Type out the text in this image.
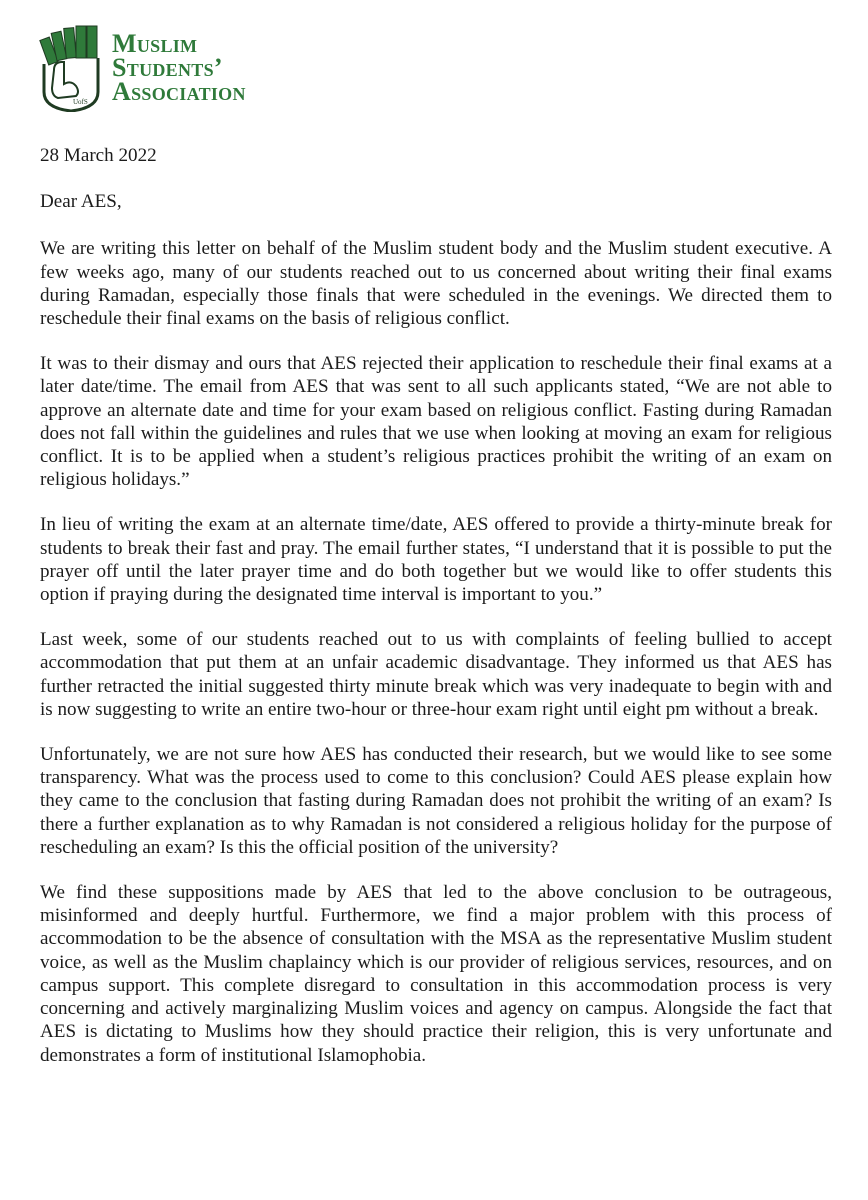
UofS
Muslim
Students’
Association

28 March 2022

Dear AES,

We are writing this letter on behalf of the Muslim student body and the Muslim student executive. A few weeks ago, many of our students reached out to us concerned about writing their final exams during Ramadan, especially those finals that were scheduled in the evenings. We directed them to reschedule their final exams on the basis of religious conflict.

It was to their dismay and ours that AES rejected their application to reschedule their final exams at a later date/time. The email from AES that was sent to all such applicants stated, “We are not able to approve an alternate date and time for your exam based on religious conflict. Fasting during Ramadan does not fall within the guidelines and rules that we use when looking at moving an exam for religious conflict. It is to be applied when a student’s religious practices prohibit the writing of an exam on religious holidays.”

In lieu of writing the exam at an alternate time/date, AES offered to provide a thirty-minute break for students to break their fast and pray. The email further states, “I understand that it is possible to put the prayer off until the later prayer time and do both together but we would like to offer students this option if praying during the designated time interval is important to you.”

Last week, some of our students reached out to us with complaints of feeling bullied to accept accommodation that put them at an unfair academic disadvantage. They informed us that AES has further retracted the initial suggested thirty minute break which was very inadequate to begin with and is now suggesting to write an entire two-hour or three-hour exam right until eight pm without a break.

Unfortunately, we are not sure how AES has conducted their research, but we would like to see some transparency. What was the process used to come to this conclusion? Could AES please explain how they came to the conclusion that fasting during Ramadan does not prohibit the writing of an exam? Is there a further explanation as to why Ramadan is not considered a religious holiday for the purpose of rescheduling an exam? Is this the official position of the university?

We find these suppositions made by AES that led to the above conclusion to be outrageous, misinformed and deeply hurtful. Furthermore, we find a major problem with this process of accommodation to be the absence of consultation with the MSA as the representative Muslim student voice, as well as the Muslim chaplaincy which is our provider of religious services, resources, and on campus support. This complete disregard to consultation in this accommodation process is very concerning and actively marginalizing Muslim voices and agency on campus. Alongside the fact that AES is dictating to Muslims how they should practice their religion, this is very unfortunate and demonstrates a form of institutional Islamophobia.
